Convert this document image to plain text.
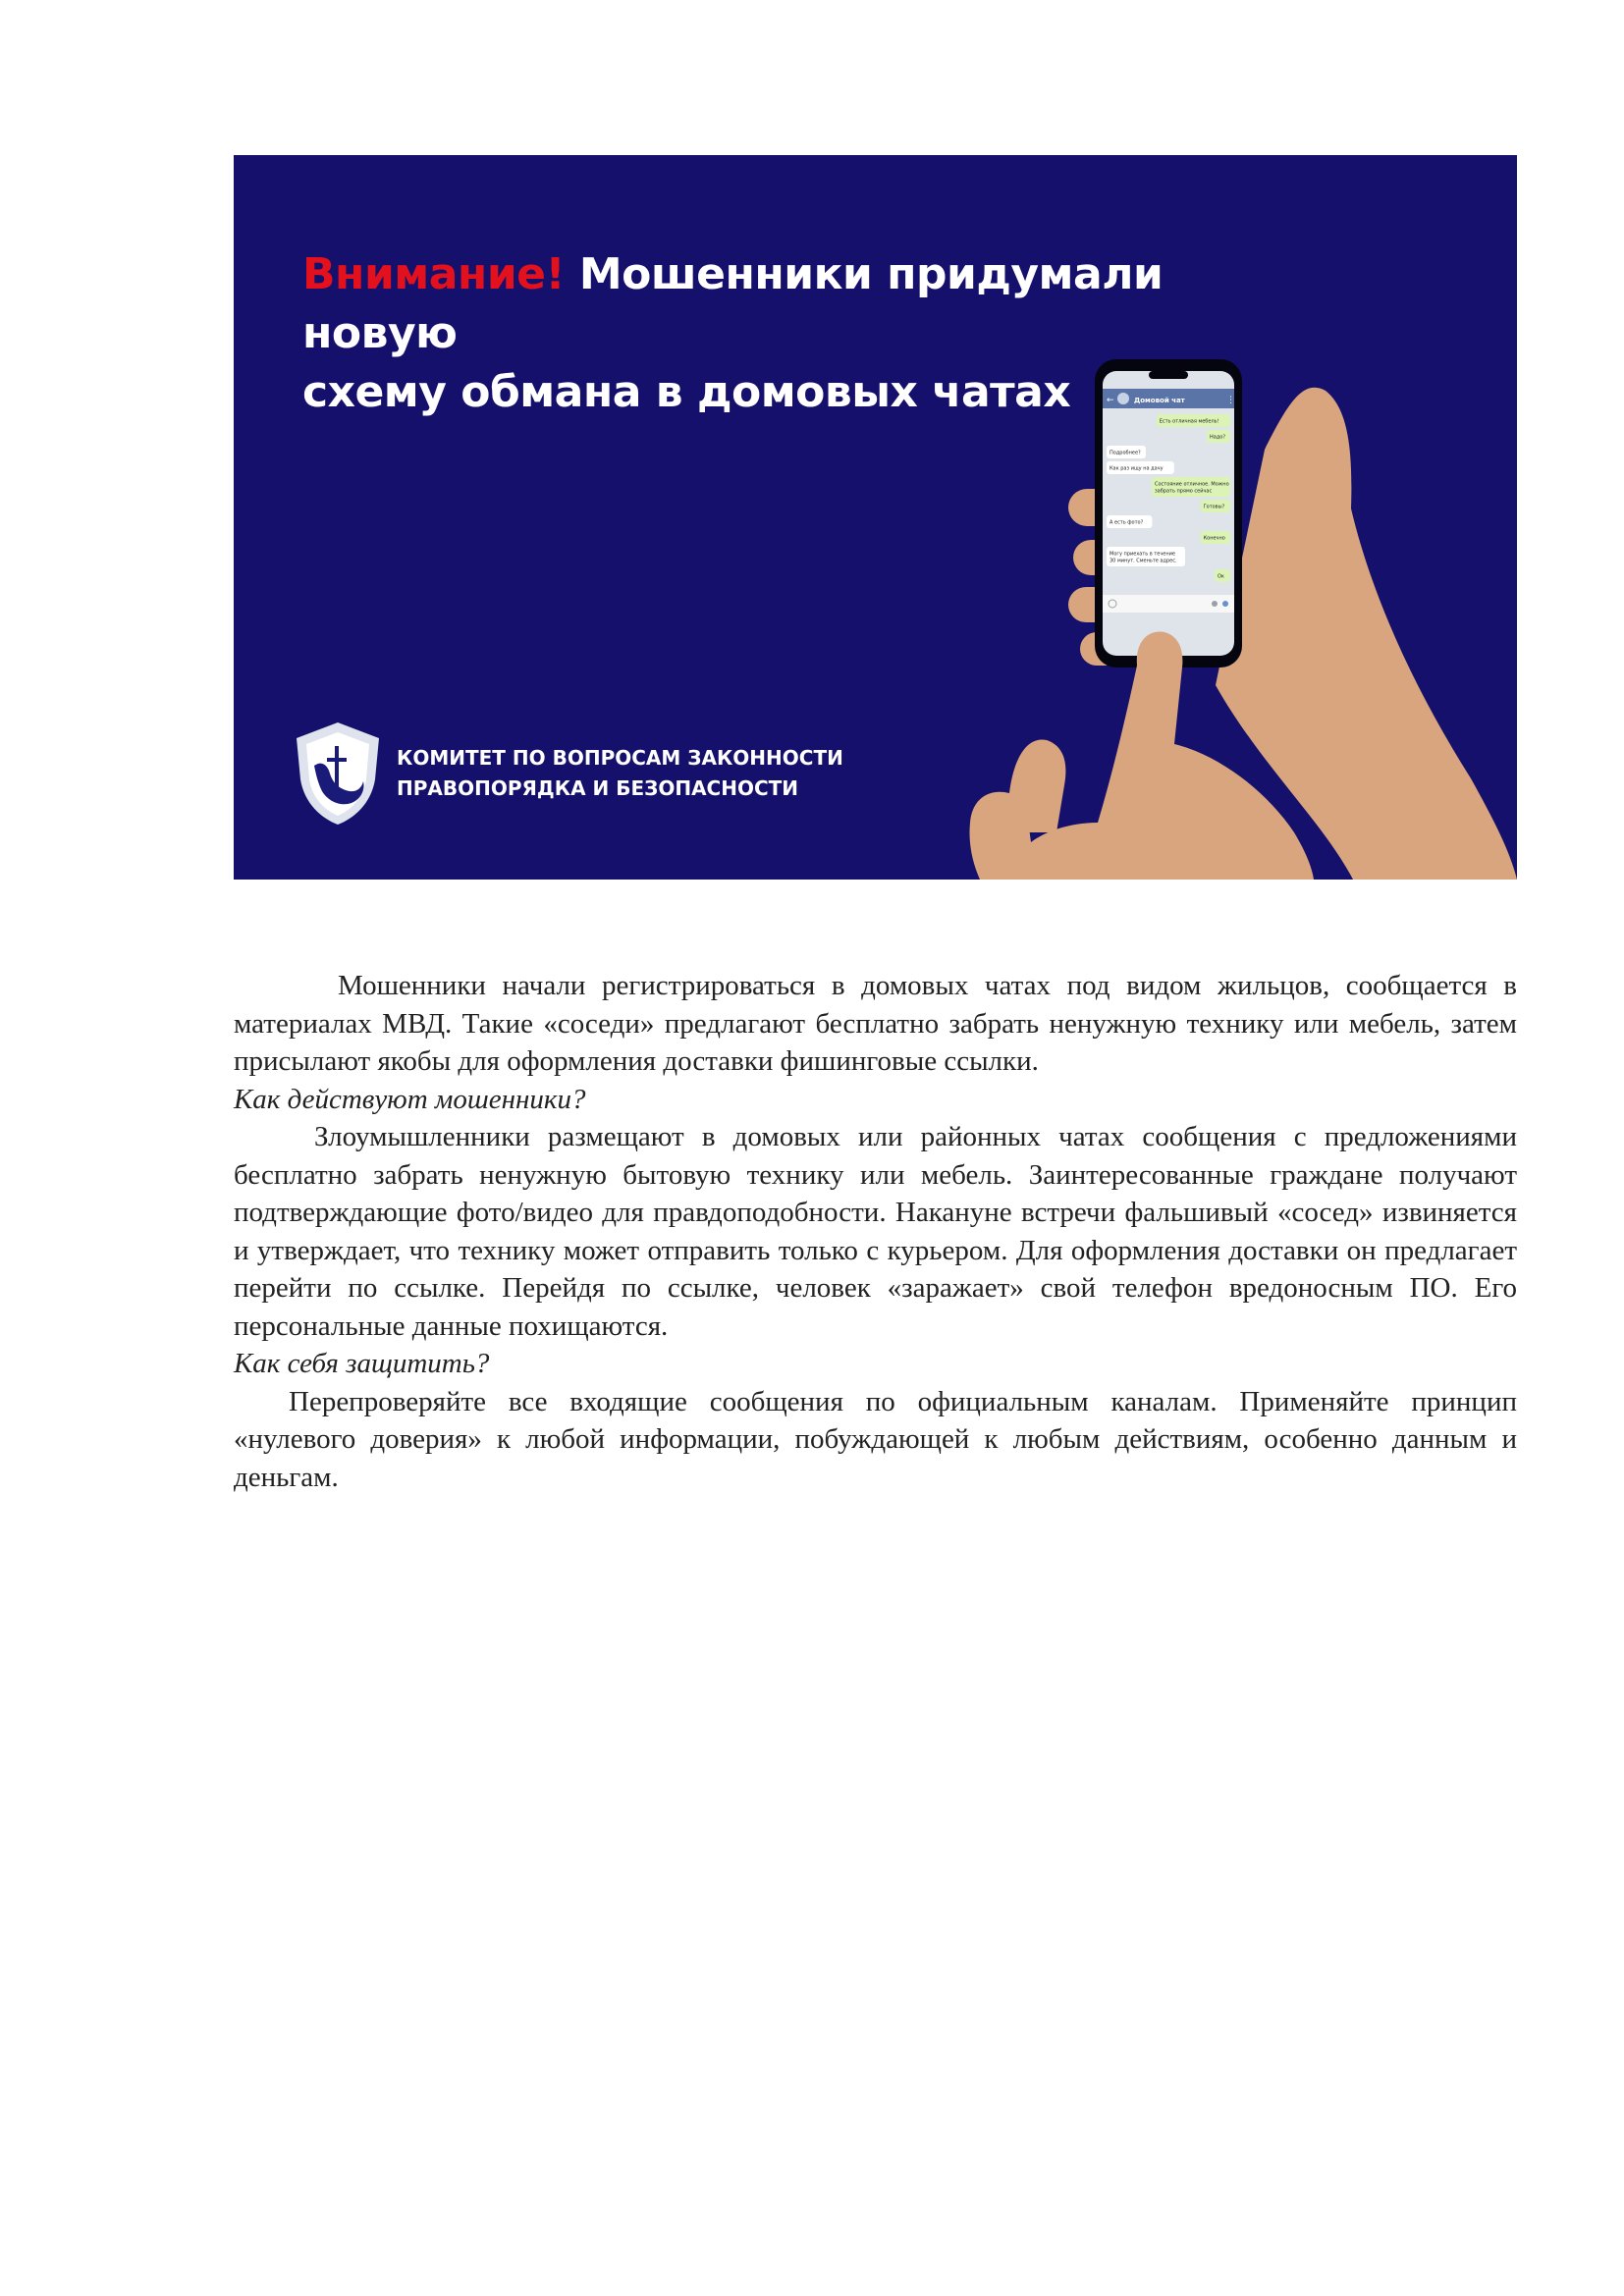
Внимание! Мошенники придумали новую
схему обмана в домовых чатах	←	Домовой чат	⋮
Есть отличная мебель!
Надо?
Подробнее?
Как раз ищу на дачу
Состояние отличное. Можно
забрать прямо сейчас
Готовы?
А есть фото?
Конечно
Могу приехать в течение
30 минут. Сменьте адрес.
Ок
КОМИТЕТ ПО ВОПРОСАМ ЗАКОННОСТИ
ПРАВОПОРЯДКА И БЕЗОПАСНОСТИ

Мошенники начали регистрироваться в домовых чатах под видом жильцов, сообщается в материалах МВД. Такие «соседи» предлагают бесплатно забрать ненужную технику или мебель, затем присылают якобы для оформления доставки фишинговые ссылки.

Как действуют мошенники?

Злоумышленники размещают в домовых или районных чатах сообщения с предложениями бесплатно забрать ненужную бытовую технику или мебель. Заинтересованные граждане получают подтверждающие фото/видео для правдоподобности. Накануне встречи фальшивый «сосед» извиняется и утверждает, что технику может отправить только с курьером. Для оформления доставки он предлагает перейти по ссылке. Перейдя по ссылке, человек «заражает» свой телефон вредоносным ПО. Его персональные данные похищаются.

Как себя защитить?

Перепроверяйте все входящие сообщения по официальным каналам. Применяйте принцип «нулевого доверия» к любой информации, побуждающей к любым действиям, особенно данным и деньгам.
